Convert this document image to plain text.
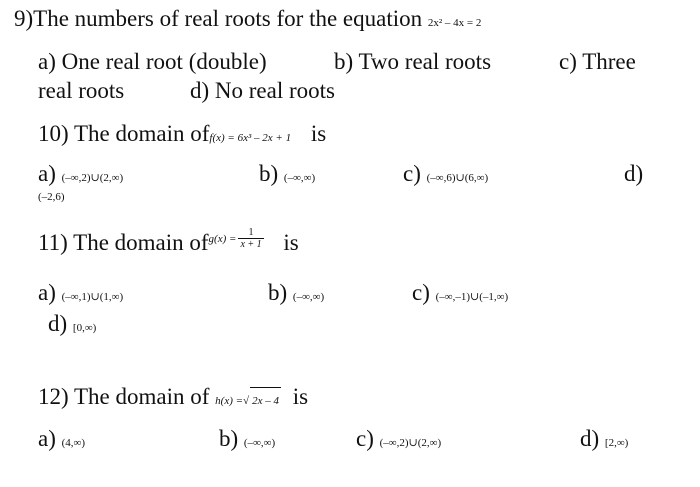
9)The numbers of real roots for the equation 2x² – 4x = 2
a) One real root (double)	b) Two real roots	c) Three
real roots	d) No real roots
10) The domain off(x) = 6x³ – 2x + 1 is
a) (–∞,2)∪(2,∞)	b) (–∞,∞)	c) (–∞,6)∪(6,∞)	d)
(–2,6)
11) The domain $of^{g(x) =} \frac{1}{x + 1}$ is
a) (–∞,1)∪(1,∞)	b) (–∞,∞)	c) (–∞,–1)∪(–1,∞)
d) [0,∞)
12) The domain of h(x) =√ 2x – 4 is
a) (4,∞)	b) (–∞,∞)	c) (–∞,2)∪(2,∞)	d) [2,∞)
